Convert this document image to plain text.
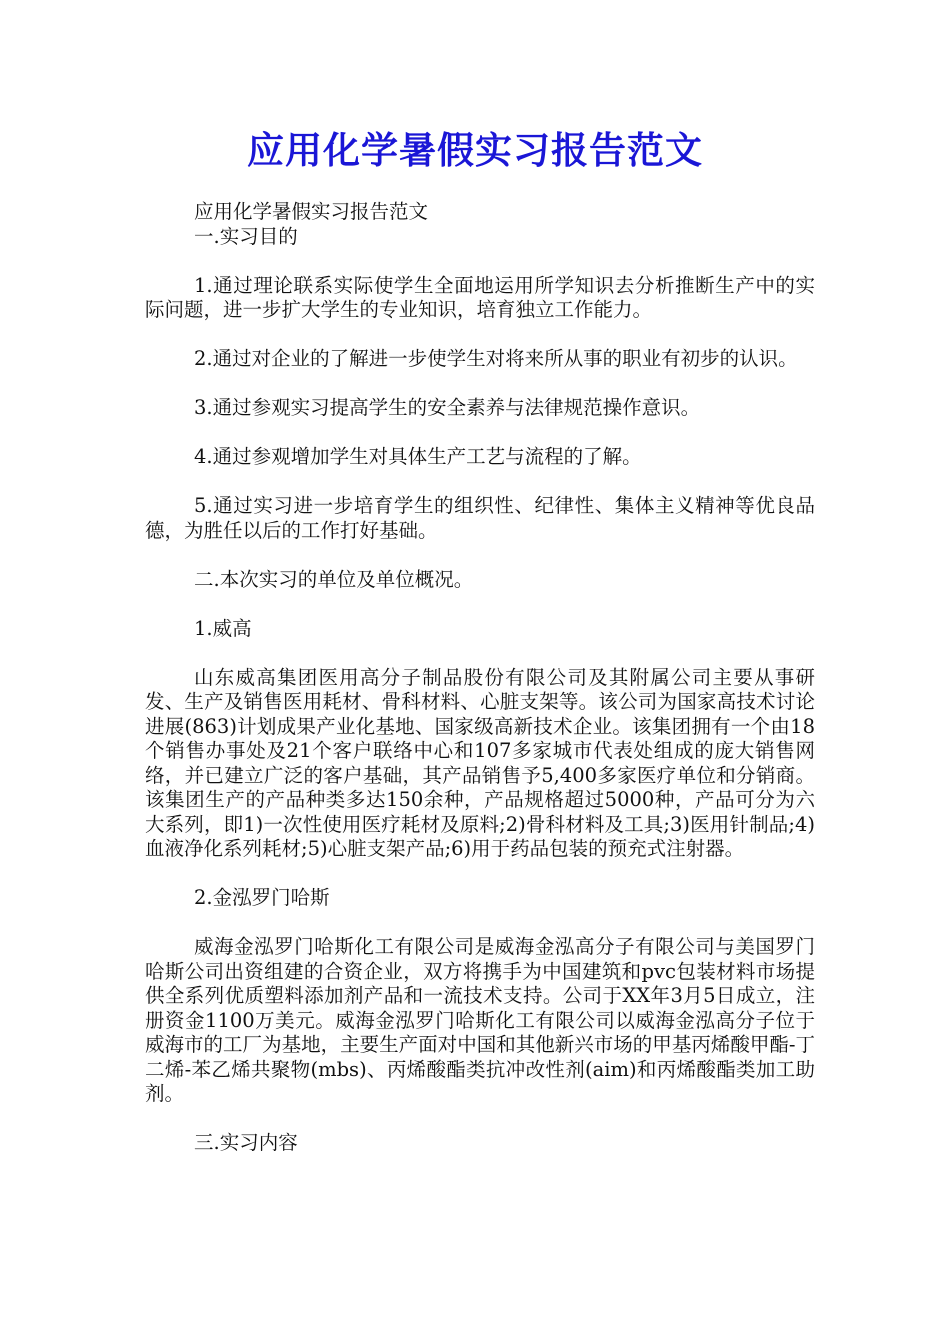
应用化学暑假实习报告范文

应用化学暑假实习报告范文

一.实习目的

1.通过理论联系实际使学生全面地运用所学知识去分析推断生产中的实际问题，进一步扩大学生的专业知识，培育独立工作能力。

2.通过对企业的了解进一步使学生对将来所从事的职业有初步的认识。

3.通过参观实习提高学生的安全素养与法律规范操作意识。

4.通过参观增加学生对具体生产工艺与流程的了解。

5.通过实习进一步培育学生的组织性、纪律性、集体主义精神等优良品德，为胜任以后的工作打好基础。

二.本次实习的单位及单位概况。

1.威高

山东威高集团医用高分子制品股份有限公司及其附属公司主要从事研发、生产及销售医用耗材、骨科材料、心脏支架等。该公司为国家高技术讨论进展(863)计划成果产业化基地、国家级高新技术企业。该集团拥有一个由18个销售办事处及21个客户联络中心和107多家城市代表处组成的庞大销售网络，并已建立广泛的客户基础，其产品销售予5,400多家医疗单位和分销商。该集团生产的产品种类多达150余种，产品规格超过5000种，产品可分为六大系列，即1)一次性使用医疗耗材及原料;2)骨科材料及工具;3)医用针制品;4)血液净化系列耗材;5)心脏支架产品;6)用于药品包装的预充式注射器。

2.金泓罗门哈斯

威海金泓罗门哈斯化工有限公司是威海金泓高分子有限公司与美国罗门哈斯公司出资组建的合资企业，双方将携手为中国建筑和pvc包装材料市场提供全系列优质塑料添加剂产品和一流技术支持。公司于XX年3月5日成立，注册资金1100万美元。威海金泓罗门哈斯化工有限公司以威海金泓高分子位于威海市的工厂为基地，主要生产面对中国和其他新兴市场的甲基丙烯酸甲酯-丁二烯-苯乙烯共聚物(mbs)、丙烯酸酯类抗冲改性剂(aim)和丙烯酸酯类加工助剂。

三.实习内容
